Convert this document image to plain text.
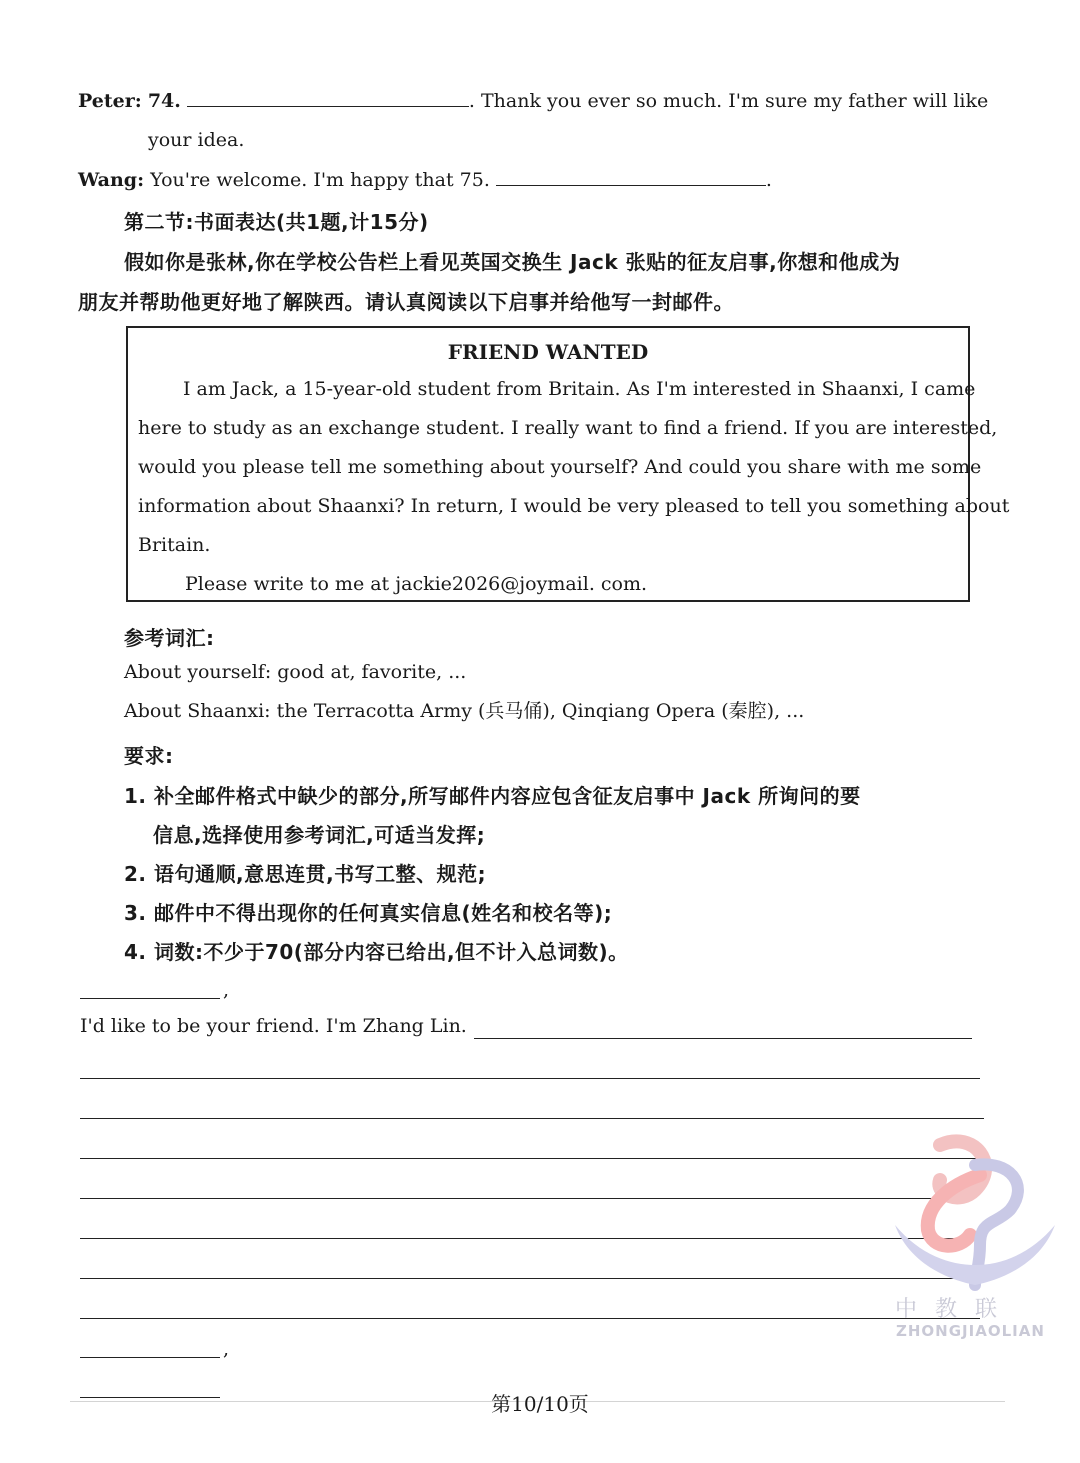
Peter: 74.	. Thank you ever so much. I'm sure my father will like
your idea.
Wang: You're welcome. I'm happy that 75.	.
第二节:书面表达(共1题,计15分)
假如你是张林,你在学校公告栏上看见英国交换生 Jack 张贴的征友启事,你想和他成为
朋友并帮助他更好地了解陕西。请认真阅读以下启事并给他写一封邮件。
FRIEND WANTED
I am Jack, a 15-year-old student from Britain. As I'm interested in Shaanxi, I came
here to study as an exchange student. I really want to find a friend. If you are interested,
would you please tell me something about yourself? And could you share with me some
information about Shaanxi? In return, I would be very pleased to tell you something about
Britain.
Please write to me at jackie2026@joymail. com.
参考词汇:
About yourself: good at, favorite, ...
About Shaanxi: the Terracotta Army (兵马俑), Qinqiang Opera (秦腔), ...
要求:
1. 补全邮件格式中缺少的部分,所写邮件内容应包含征友启事中 Jack 所询问的要
信息,选择使用参考词汇,可适当发挥;
2. 语句通顺,意思连贯,书写工整、规范;
3. 邮件中不得出现你的任何真实信息(姓名和校名等);
4. 词数:不少于70(部分内容已给出,但不计入总词数)。
,
I'd like to be your friend. I'm Zhang Lin.
,
第10/10页
中教联
ZHONGJIAOLIAN
